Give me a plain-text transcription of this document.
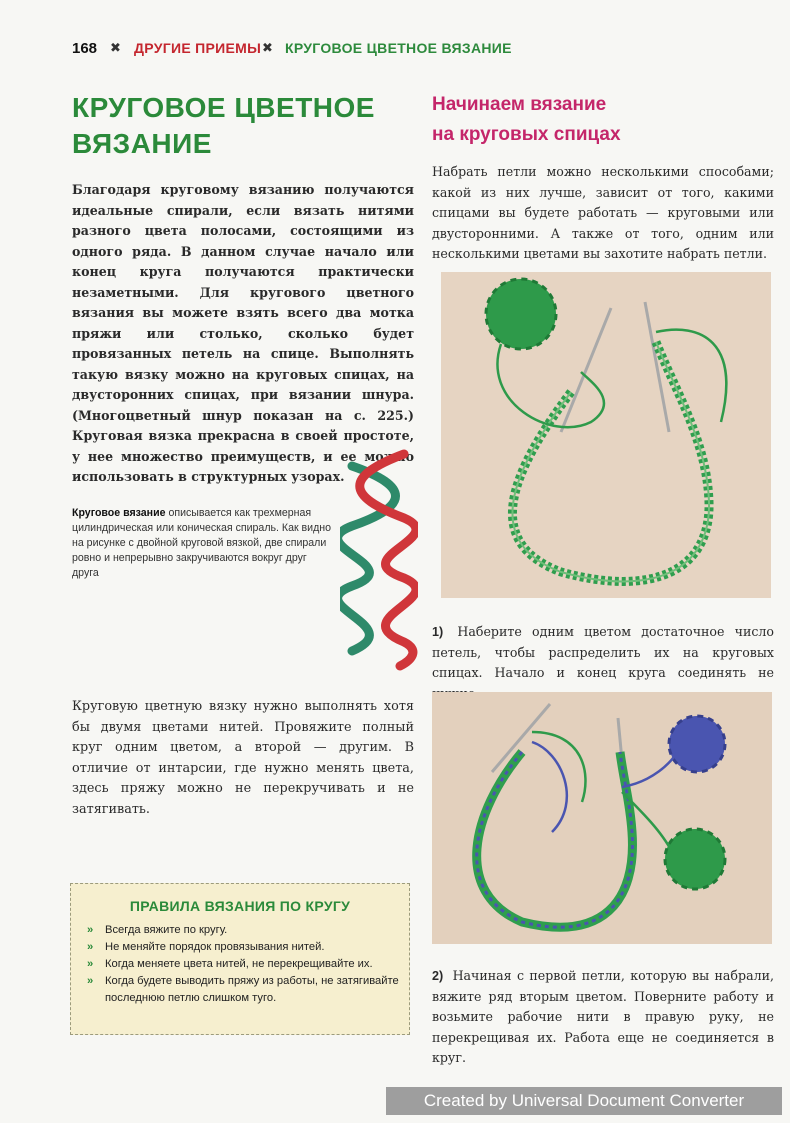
168 ✖ ДРУГИЕ ПРИЕМЫ ✖ КРУГОВОЕ ЦВЕТНОЕ ВЯЗАНИЕ
КРУГОВОЕ ЦВЕТНОЕ
ВЯЗАНИЕ
Благодаря круговому вязанию получаются идеальные спирали, если вязать нитями разного цвета полосами, состоящими из одного ряда. В данном случае начало или конец круга получаются практически незаметными. Для кругового цветного вязания вы можете взять всего два мотка пряжи или столько, сколько будет провязанных петель на спице. Выполнять такую вязку можно на круговых спицах, на двусторонних спицах, при вязании шнура. (Многоцветный шнур показан на с. 225.) Круговая вязка прекрасна в своей простоте, у нее множество преимуществ, и ее можно использовать в структурных узорах.
Круговое вязание описывается как трехмерная цилиндрическая или коническая спираль. Как видно на рисунке с двойной круговой вязкой, две спирали ровно и непрерывно закручиваются вокруг друг друга
Круговую цветную вязку нужно выполнять хотя бы двумя цветами нитей. Провяжите полный круг одним цветом, а второй — другим. В отличие от интарсии, где нужно менять цвета, здесь пряжу можно не перекручивать и не затягивать.
ПРАВИЛА ВЯЗАНИЯ ПО КРУГУ
» Всегда вяжите по кругу.
» Не меняйте порядок провязывания нитей.
» Когда меняете цвета нитей, не перекрещивайте их.
» Когда будете выводить пряжу из работы, не затягивайте последнюю петлю слишком туго.
Начинаем вязание
на круговых спицах
Набрать петли можно несколькими способами; какой из них лучше, зависит от того, какими спицами вы будете работать — круговыми или двусторонними. А также от того, одним или несколькими цветами вы захотите набрать петли.
1) Наберите одним цветом достаточное число петель, чтобы распределить их на круговых спицах. Начало и конец круга соединять не
2) Начиная с первой петли, которую вы набрали, вяжите ряд вторым цветом. Поверните работу и возьмите рабочие нити в правую руку, не перекрещивая их. Работа еще не соединяется в круг.
Created by Universal Document Converter
